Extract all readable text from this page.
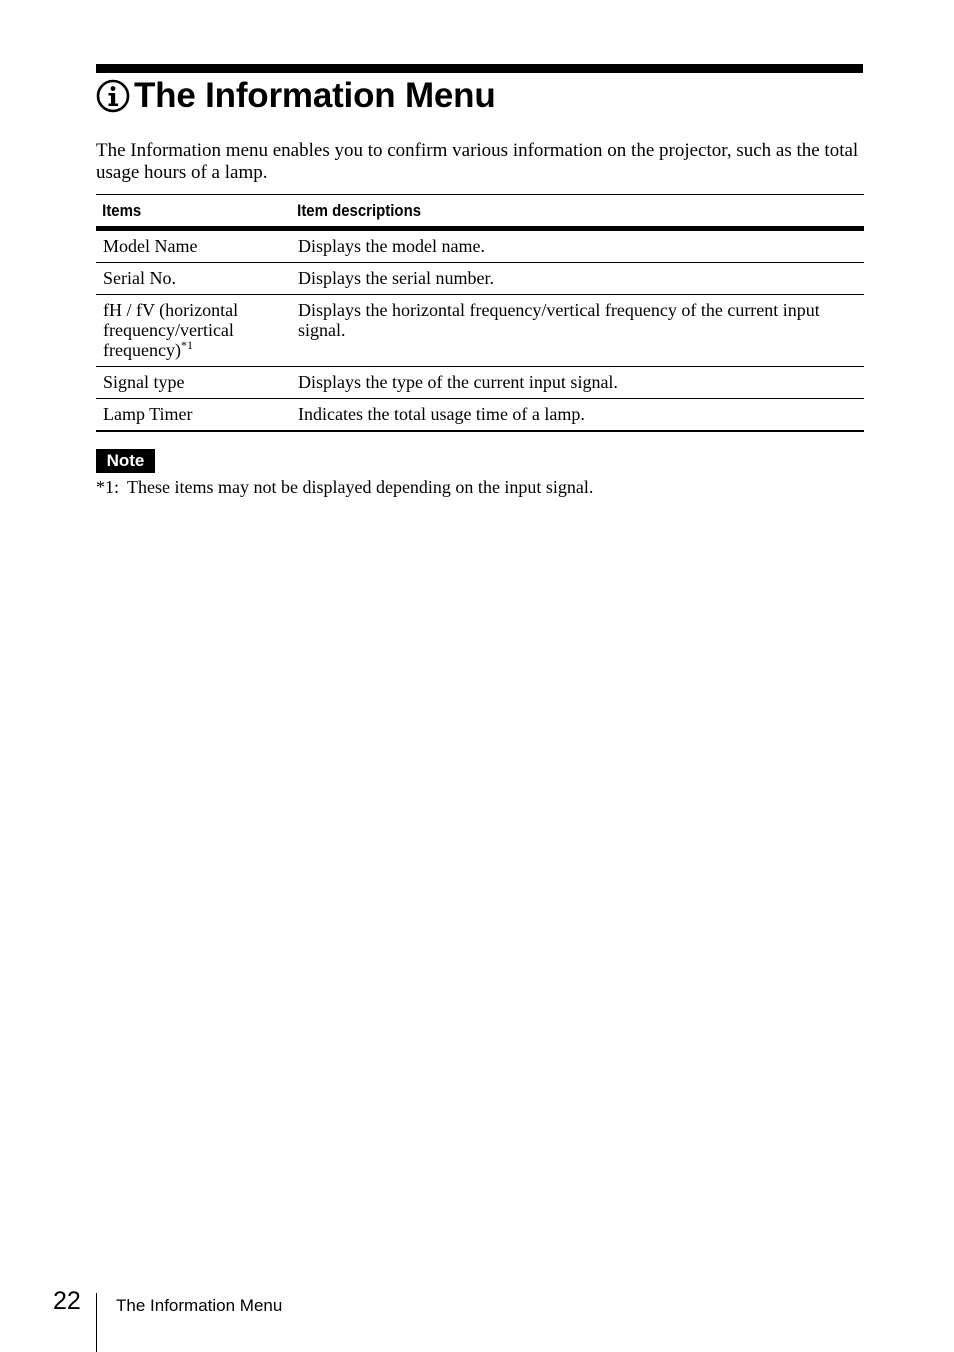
The Information Menu

The Information menu enables you to confirm various information on the projector, such as the total usage hours of a lamp.

Items	Item descriptions
Model Name	Displays the model name.
Serial No.	Displays the serial number.
fH / fV (horizontal frequency/vertical frequency)$^{*1}$	Displays the horizontal frequency/vertical frequency of the current input signal.
Signal type	Displays the type of the current input signal.
Lamp Timer	Indicates the total usage time of a lamp.
Note
*1: These items may not be displayed depending on the input signal.
22 The Information Menu
